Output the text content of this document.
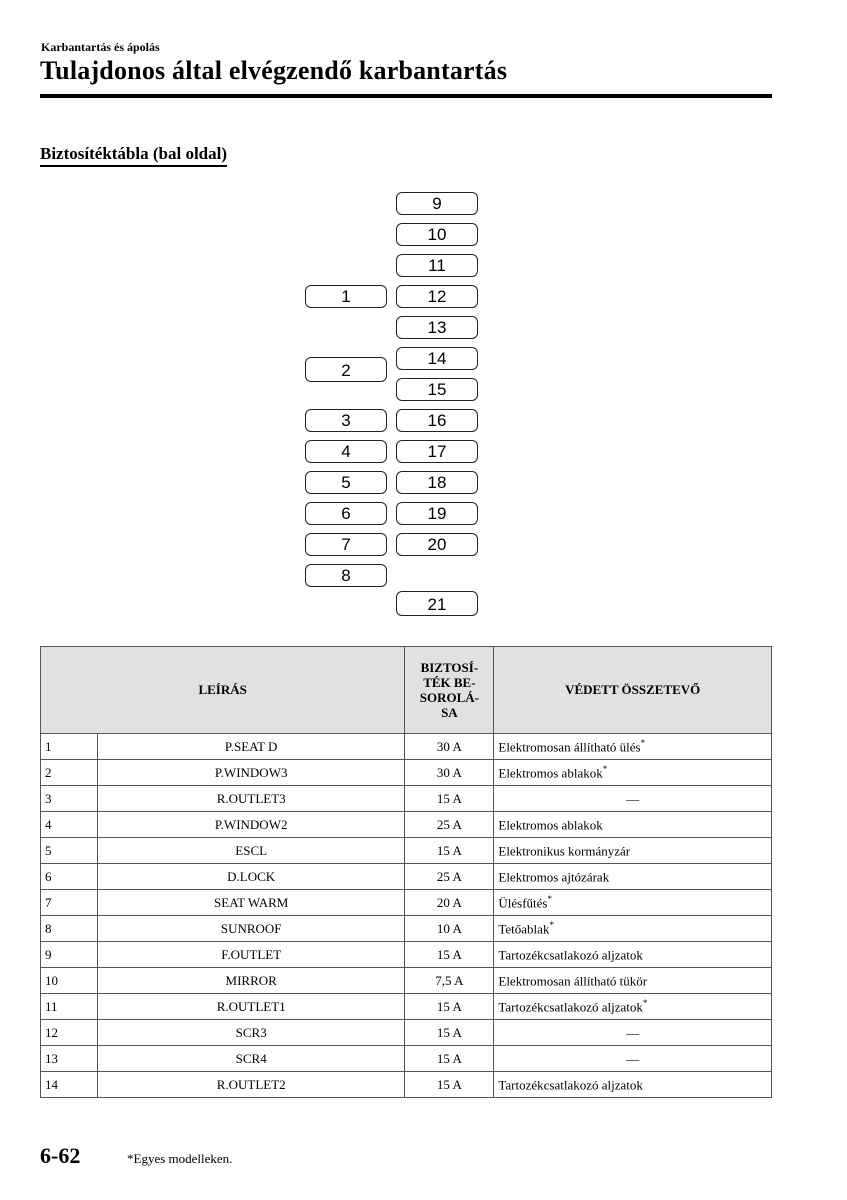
Karbantartás és ápolás
Tulajdonos által elvégzendő karbantartás
Biztosítéktábla (bal oldal)
1
2
3
4
5
6
7
8
9
10
11
12
13
14
15
16
17
18
19
20
21
LEÍRÁS		BIZTOSÍ-
TÉK BE-
SOROLÁ-
SA	VÉDETT ÖSSZETEVŐ
1	P.SEAT D	30 A	Elektromosan állítható ülés*
2	P.WINDOW3	30 A	Elektromos ablakok*
3	R.OUTLET3	15 A	—
4	P.WINDOW2	25 A	Elektromos ablakok
5	ESCL	15 A	Elektronikus kormányzár
6	D.LOCK	25 A	Elektromos ajtózárak
7	SEAT WARM	20 A	Ülésfűtés*
8	SUNROOF	10 A	Tetőablak*
9	F.OUTLET	15 A	Tartozékcsatlakozó aljzatok
10	MIRROR	7,5 A	Elektromosan állítható tükör
11	R.OUTLET1	15 A	Tartozékcsatlakozó aljzatok*
12	SCR3	15 A	—
13	SCR4	15 A	—
14	R.OUTLET2	15 A	Tartozékcsatlakozó aljzatok
6-62	*Egyes modelleken.
